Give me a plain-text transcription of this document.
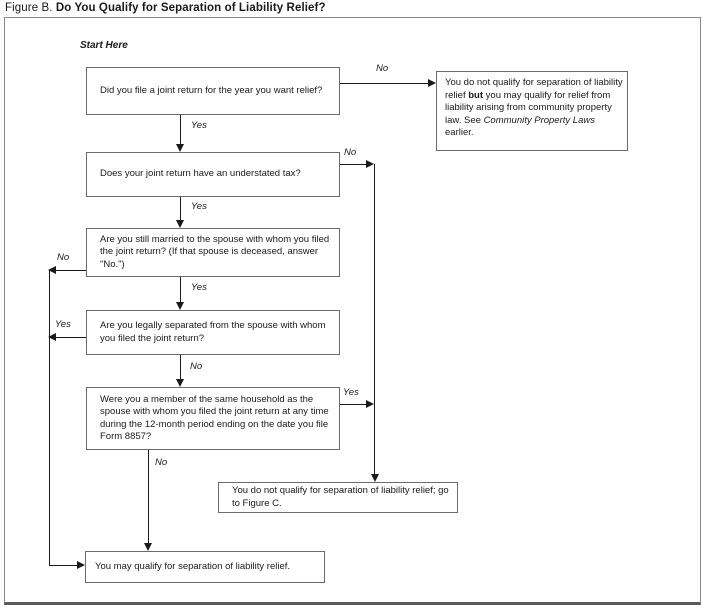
Figure B. Do You Qualify for Separation of Liability Relief?
Start Here
Did you file a joint return for the year you want relief?
You do not qualify for separation of liability relief but you may qualify for relief from liability arising from community property law. See Community Property Laws earlier.
Does your joint return have an understated tax?
Are you still married to the spouse with whom you filed the joint return? (If that spouse is deceased, answer "No.")
Are you legally separated from the spouse with whom you filed the joint return?
Were you a member of the same household as the spouse with whom you filed the joint return at any time during the 12-month period ending on the date you file Form 8857?
You do not qualify for separation of liability relief; go to Figure C.
You may qualify for separation of liability relief.
No
Yes
No
Yes
No
Yes
Yes
No
Yes
No
